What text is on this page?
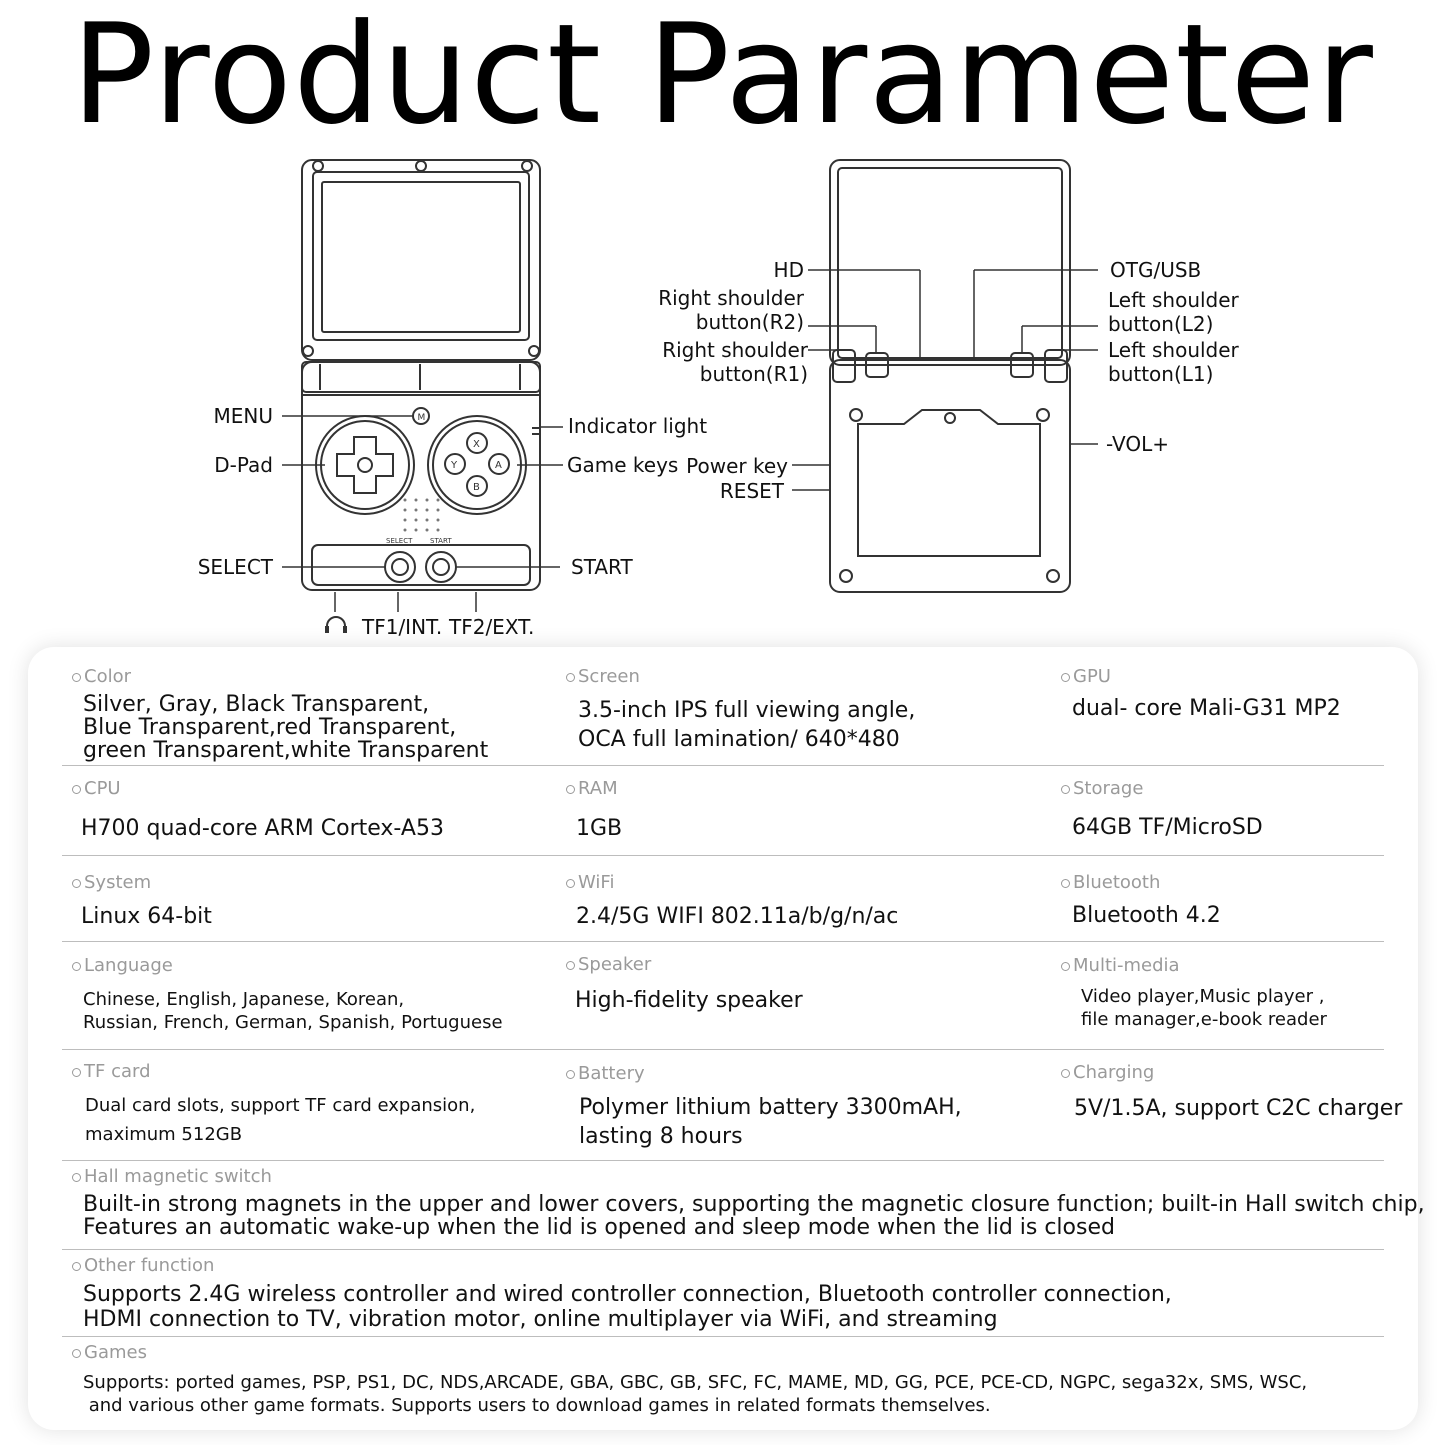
Product Parameter
M
X
Y	A
B
SELECT	START
MENU
D-Pad
SELECT
Indicator light
Game keys
START
TF1/INT. TF2/EXT.
HD
Right shoulder
button(R2)
Right shoulder
button(R1)
Power key
RESET
OTG/USB
Left shoulder
button(L2)
Left shoulder
button(L1)
-VOL+
Color
Silver, Gray, Black Transparent,
Blue Transparent,red Transparent,
green Transparent,white Transparent
Screen
3.5-inch IPS full viewing angle,
OCA full lamination/ 640*480
GPU
dual- core Mali-G31 MP2
CPU
H700 quad-core ARM Cortex-A53
RAM
1GB
Storage
64GB TF/MicroSD
System
Linux 64-bit
WiFi
2.4/5G WIFI 802.11a/b/g/n/ac
Bluetooth
Bluetooth 4.2
Language
Chinese, English, Japanese, Korean,
Russian, French, German, Spanish, Portuguese
Speaker
High-fidelity speaker
Multi-media
Video player,Music player ,
file manager,e-book reader
TF card
Dual card slots, support TF card expansion,
maximum 512GB
Battery
Polymer lithium battery 3300mAH,
lasting 8 hours
Charging
5V/1.5A, support C2C charger
Hall magnetic switch
Built-in strong magnets in the upper and lower covers, supporting the magnetic closure function; built-in Hall switch chip,
Features an automatic wake-up when the lid is opened and sleep mode when the lid is closed
Other function
Supports 2.4G wireless controller and wired controller connection, Bluetooth controller connection,
HDMI connection to TV, vibration motor, online multiplayer via WiFi, and streaming
Games
Supports: ported games, PSP, PS1, DC, NDS,ARCADE, GBA, GBC, GB, SFC, FC, MAME, MD, GG, PCE, PCE-CD, NGPC, sega32x, SMS, WSC,
and various other game formats. Supports users to download games in related formats themselves.
